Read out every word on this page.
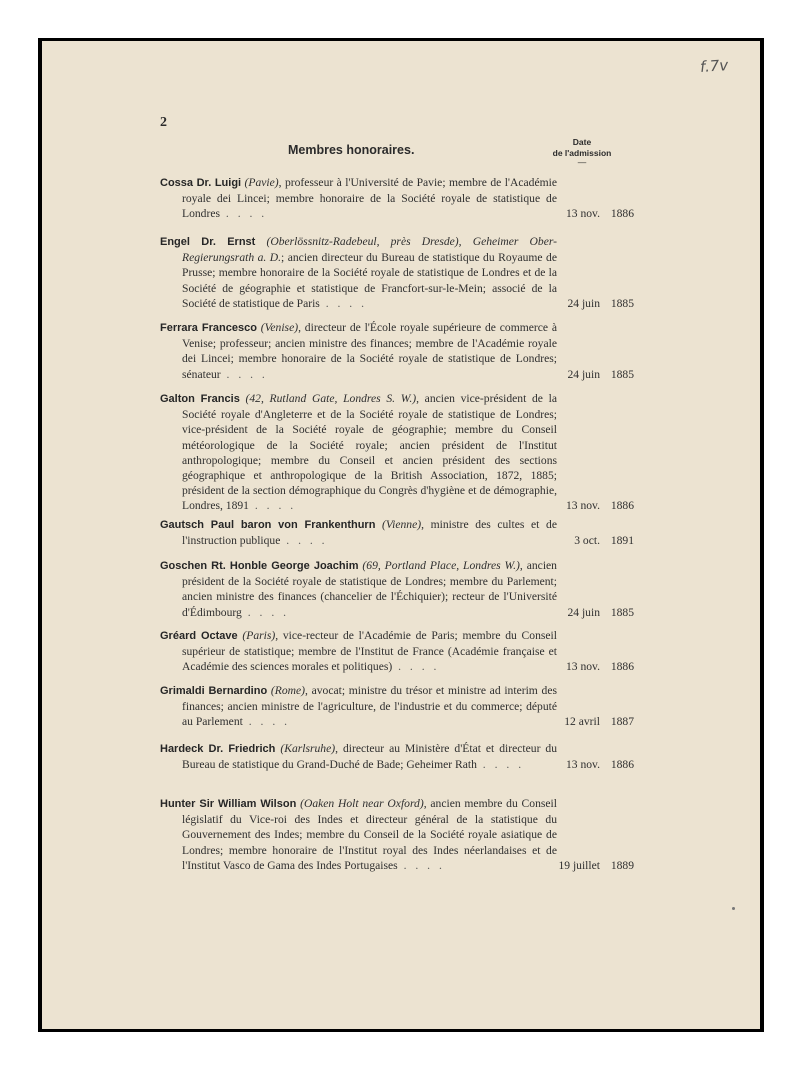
f.7v
2
Membres honoraires.
Date
de l'admission
—
Cossa Dr. Luigi (Pavie), professeur à l'Université de Pavie; membre de l'Académie royale dei Lincei; membre honoraire de la Société royale de statistique de Londres . . . .	13 nov. 1886
Engel Dr. Ernst (Oberlössnitz-Radebeul, près Dresde), Geheimer Ober-Regierungsrath a. D.; ancien directeur du Bureau de statistique du Royaume de Prusse; membre honoraire de la Société royale de statistique de Londres et de la Société de géographie et statistique de Francfort-sur-le-Mein; associé de la Société de statistique de Paris . . . .	24 juin 1885
Ferrara Francesco (Venise), directeur de l'École royale supérieure de commerce à Venise; professeur; ancien ministre des finances; membre de l'Académie royale dei Lincei; membre honoraire de la Société royale de statistique de Londres; sénateur . . . .	24 juin 1885
Galton Francis (42, Rutland Gate, Londres S. W.), ancien vice-président de la Société royale d'Angleterre et de la Société royale de statistique de Londres; vice-président de la Société royale de géographie; membre du Conseil météorologique de la Société royale; ancien président de l'Institut anthropologique; membre du Conseil et ancien président des sections géographique et anthropologique de la British Association, 1872, 1885; président de la section démographique du Congrès d'hygiène et de démographie, Londres, 1891 . . . .	13 nov. 1886
Gautsch Paul baron von Frankenthurn (Vienne), ministre des cultes et de l'instruction publique . . . .	3 oct. 1891
Goschen Rt. Honble George Joachim (69, Portland Place, Londres W.), ancien président de la Société royale de statistique de Londres; membre du Parlement; ancien ministre des finances (chancelier de l'Échiquier); recteur de l'Université d'Édimbourg . . . .	24 juin 1885
Gréard Octave (Paris), vice-recteur de l'Académie de Paris; membre du Conseil supérieur de statistique; membre de l'Institut de France (Académie française et Académie des sciences morales et politiques) . . . .	13 nov. 1886
Grimaldi Bernardino (Rome), avocat; ministre du trésor et ministre ad interim des finances; ancien ministre de l'agriculture, de l'industrie et du commerce; député au Parlement . . . .	12 avril 1887
Hardeck Dr. Friedrich (Karlsruhe), directeur au Ministère d'État et directeur du Bureau de statistique du Grand-Duché de Bade; Geheimer Rath . . . .	13 nov. 1886
Hunter Sir William Wilson (Oaken Holt near Oxford), ancien membre du Conseil législatif du Vice-roi des Indes et directeur général de la statistique du Gouvernement des Indes; membre du Conseil de la Société royale asiatique de Londres; membre honoraire de l'Institut royal des Indes néerlandaises et de l'Institut Vasco de Gama des Indes Portugaises . . . .	19 juillet 1889
